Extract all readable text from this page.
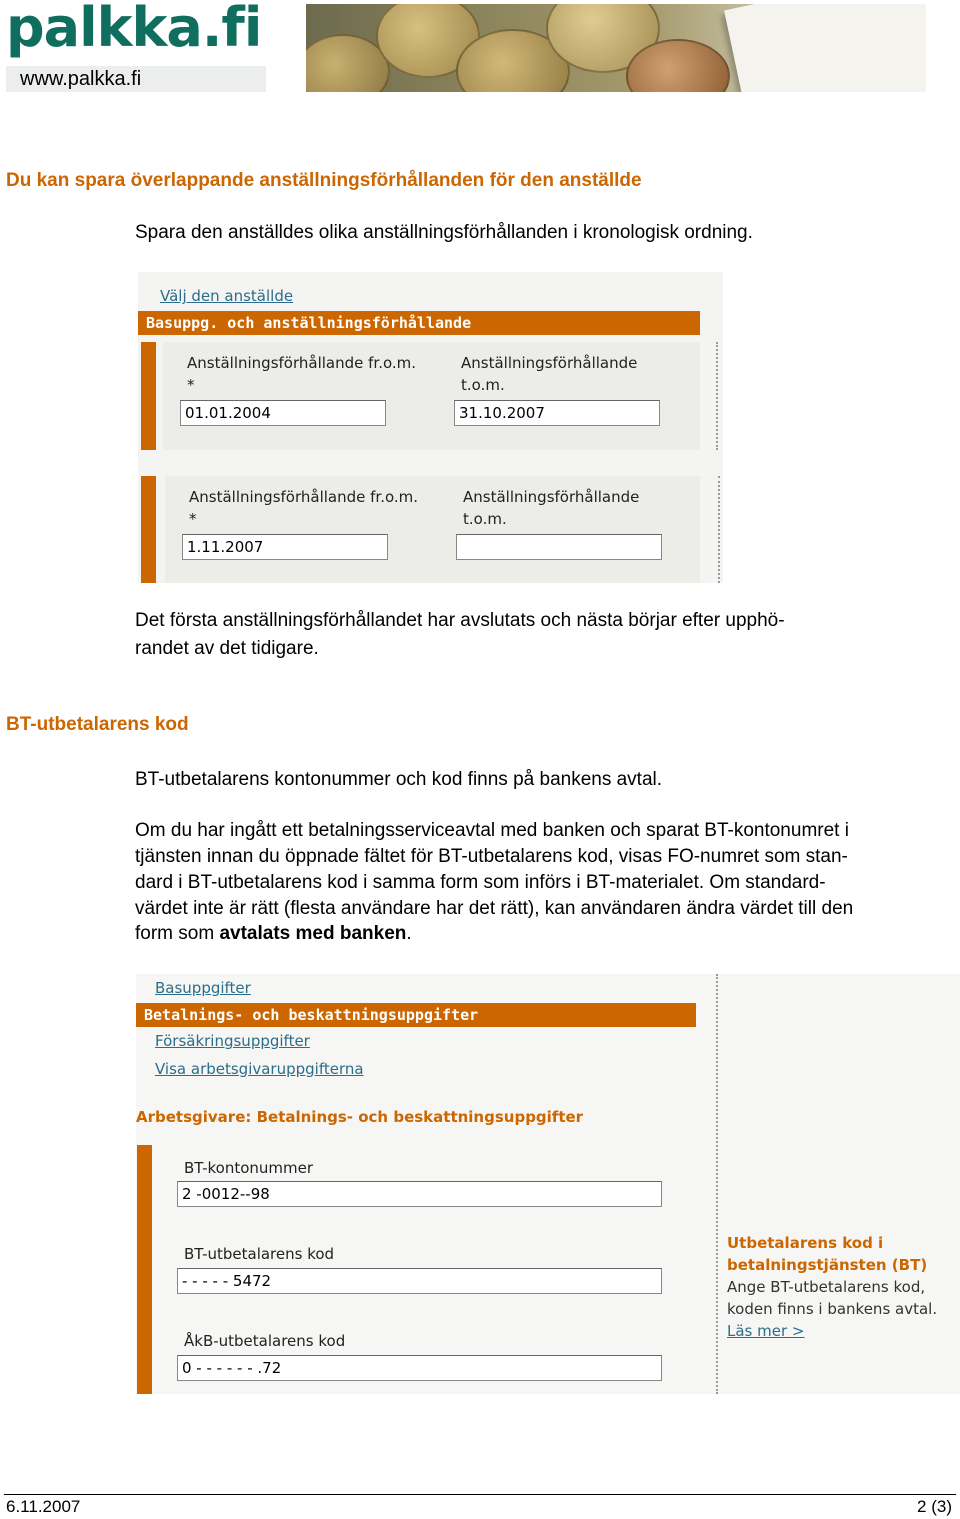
palkka.fi
www.palkka.fi
Du kan spara överlappande anställningsförhållanden för den anställde
Spara den anställdes olika anställningsförhållanden i kronologisk ordning.
Välj den anställde
Basuppg. och anställningsförhållande
Anställningsförhållande fr.o.m.
*
01.01.2004
Anställningsförhållande
t.o.m.
31.10.2007
Anställningsförhållande fr.o.m.
*
1.11.2007
Anställningsförhållande
t.o.m.
Det första anställningsförhållandet har avslutats och nästa börjar efter upphö-
randet av det tidigare.
BT-utbetalarens kod
BT-utbetalarens kontonummer och kod finns på bankens avtal.
Om du har ingått ett betalningsserviceavtal med banken och sparat BT-kontonumret i
tjänsten innan du öppnade fältet för BT-utbetalarens kod, visas FO-numret som stan-
dard i BT-utbetalarens kod i samma form som införs i BT-materialet. Om standard-
värdet inte är rätt (flesta användare har det rätt), kan användaren ändra värdet till den
form som avtalats med banken.
Basuppgifter
Betalnings- och beskattningsuppgifter
Försäkringsuppgifter
Visa arbetsgivaruppgifterna
Arbetsgivare: Betalnings- och beskattningsuppgifter
BT-kontonummer
2 -0012--98
BT-utbetalarens kod
- - - - - 5472
ÅkB-utbetalarens kod
0 - - - - - - .72
Utbetalarens kod i
betalningstjänsten (BT)
Ange BT-utbetalarens kod,
koden finns i bankens avtal.
Läs mer >
6.11.2007	2 (3)
